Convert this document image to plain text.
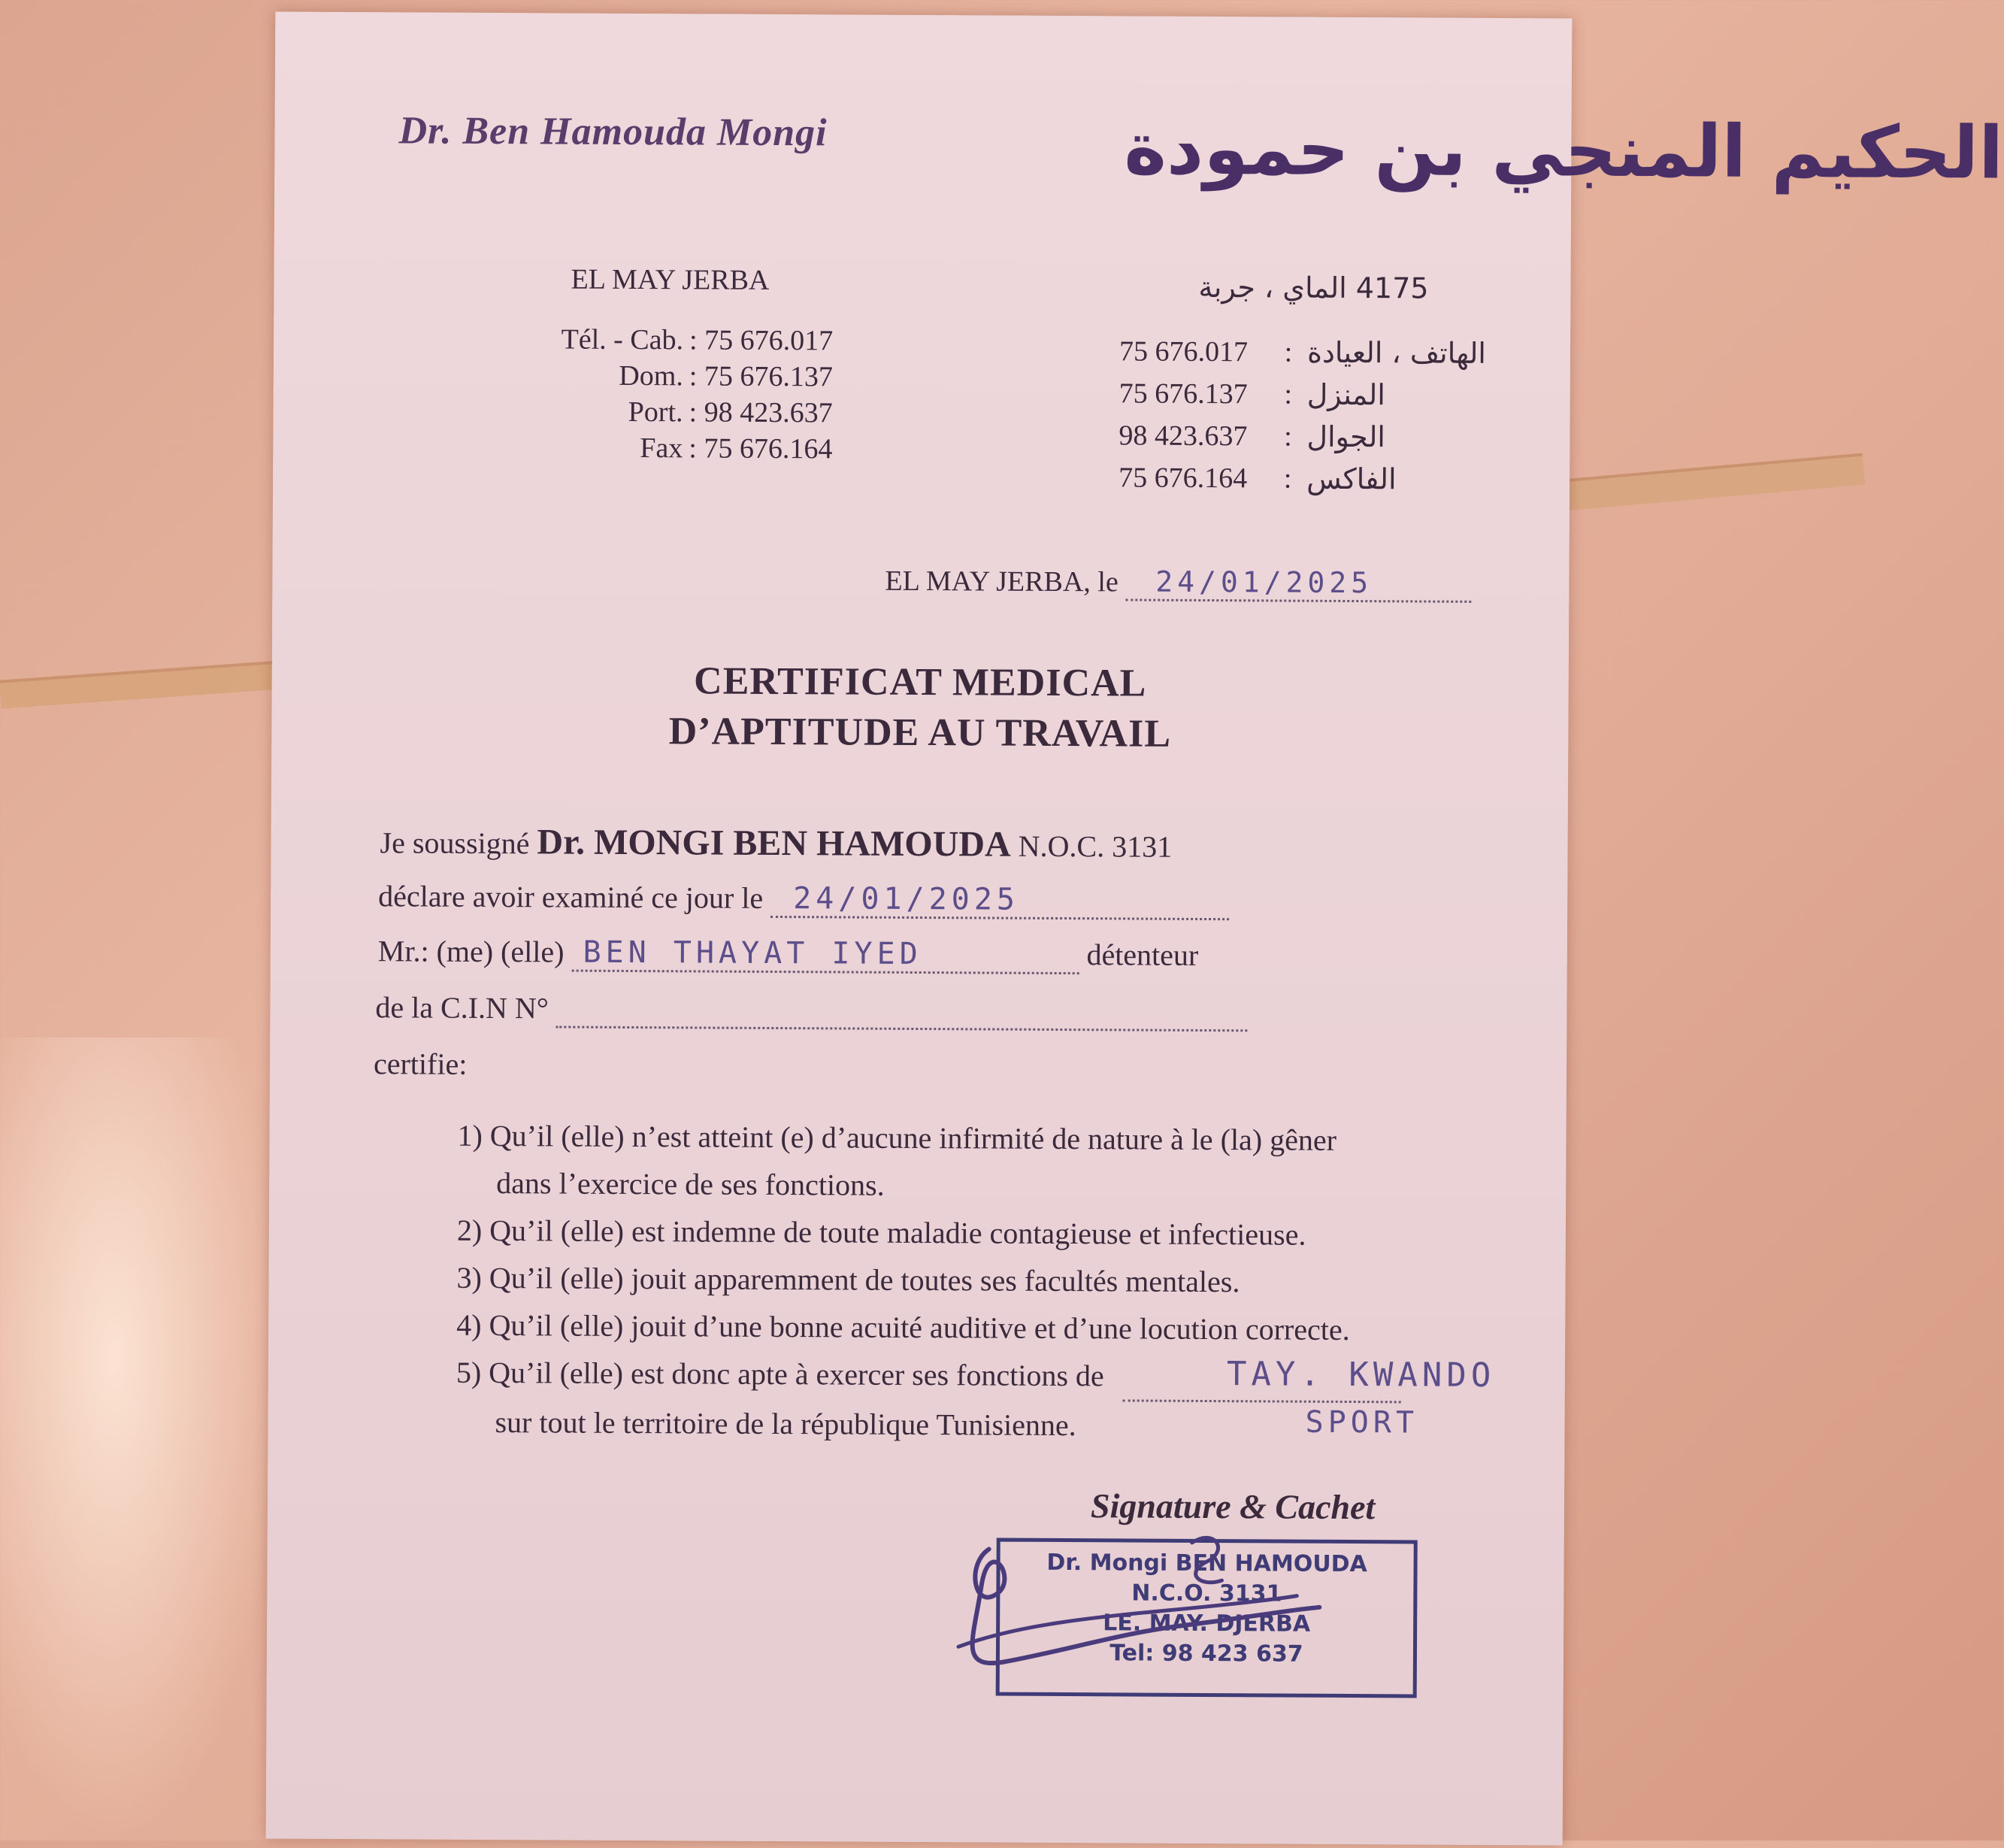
Dr. Ben Hamouda Mongi	الحكيم المنجي بن حمودة
EL MAY JERBA	4175 الماي ، جربة
Tél. - Cab. : 75 676.017
Dom. : 75 676.137
Port. : 98 423.637
Fax : 75 676.164
75 676.017	: الهاتف ، العيادة
75 676.137	: المنزل
98 423.637	: الجوال
75 676.164	: الفاكس
EL MAY JERBA, le 24/01/2025
CERTIFICAT MEDICAL
D’APTITUDE AU TRAVAIL
Je soussigné Dr. MONGI BEN HAMOUDA N.O.C. 3131
déclare avoir examiné ce jour le 24/01/2025
Mr.: (me) (elle) BEN THAYAT IYED	détenteur
de la C.I.N N°
certifie:
1) Qu’il (elle) n’est atteint (e) d’aucune infirmité de nature à le (la) gêner
dans l’exercice de ses fonctions.
2) Qu’il (elle) est indemne de toute maladie contagieuse et infectieuse.
3) Qu’il (elle) jouit apparemment de toutes ses facultés mentales.
4) Qu’il (elle) jouit d’une bonne acuité auditive et d’une locution correcte.
5) Qu’il (elle) est donc apte à exercer ses fonctions de
sur tout le territoire de la république Tunisienne.
TAY. KWANDO
SPORT
Signature & Cachet
Dr. Mongi BEN HAMOUDA
N.C.O. 3131
LE. MAY. DJERBA
Tel: 98 423 637
